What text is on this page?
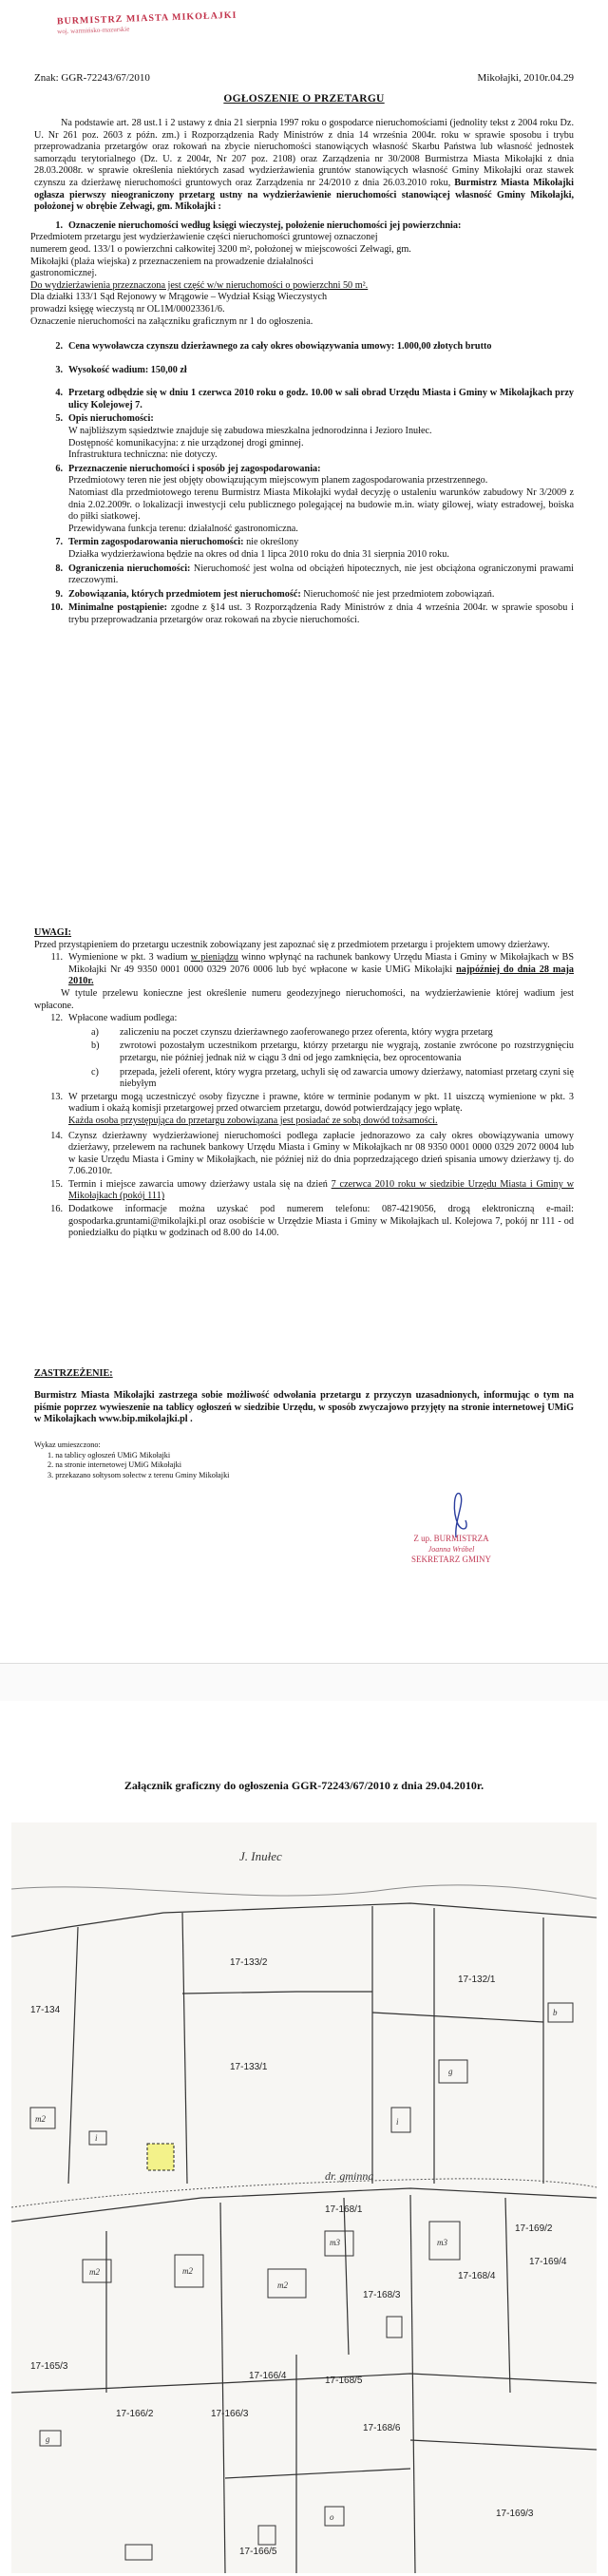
BURMISTRZ MIASTA MIKOŁAJKI
woj. warmińsko-mazurskie
Znak: GGR-72243/67/2010	Mikołajki, 2010r.04.29
OGŁOSZENIE O PRZETARGU

Na podstawie art. 28 ust.1 i 2 ustawy z dnia 21 sierpnia 1997 roku o gospodarce nieruchomościami (jednolity tekst z 2004 roku Dz. U. Nr 261 poz. 2603 z późn. zm.) i Rozporządzenia Rady Ministrów z dnia 14 września 2004r. roku w sprawie sposobu i trybu przeprowadzania przetargów oraz rokowań na zbycie nieruchomości stanowiących własność Skarbu Państwa lub własność jednostek samorządu terytorialnego (Dz. U. z 2004r, Nr 207 poz. 2108) oraz Zarządzenia nr 30/2008 Burmistrza Miasta Mikołajki z dnia 28.03.2008r. w sprawie określenia niektórych zasad wydzierżawienia gruntów stanowiących własność Gminy Mikołajki oraz stawek czynszu za dzierżawę nieruchomości gruntowych oraz Zarządzenia nr 24/2010 z dnia 26.03.2010 roku, Burmistrz Miasta Mikołajki ogłasza pierwszy nieograniczony przetarg ustny na wydzierżawienie nieruchomości stanowiącej własność Gminy Mikołajki, położonej w obrębie Zełwagi, gm. Mikołajki :

1. Oznaczenie nieruchomości według księgi wieczystej, położenie nieruchomości jej powierzchnia:

Przedmiotem przetargu jest wydzierżawienie części nieruchomości gruntowej oznaczonej

numerem geod. 133/1 o powierzchni całkowitej 3200 m², położonej w miejscowości Zełwagi, gm.

Mikołajki (plaża wiejska) z przeznaczeniem na prowadzenie działalności

gastronomicznej.

Do wydzierżawienia przeznaczona jest część w/w nieruchomości o powierzchni 50 m².

Dla działki 133/1 Sąd Rejonowy w Mrągowie – Wydział Ksiąg Wieczystych

prowadzi księgę wieczystą nr OL1M/00023361/6.

Oznaczenie nieruchomości na załączniku graficznym nr 1 do ogłoszenia.

2. Cena wywoławcza czynszu dzierżawnego za cały okres obowiązywania umowy: 1.000,00 złotych brutto
3. Wysokość wadium: 150,00 zł
4. Przetarg odbędzie się w dniu 1 czerwca 2010 roku o godz. 10.00 w sali obrad Urzędu Miasta i Gminy w Mikołajkach przy ulicy Kolejowej 7.
5. Opis nieruchomości:

W najbliższym sąsiedztwie znajduje się zabudowa mieszkalna jednorodzinna i Jezioro Inułec.

Dostępność komunikacyjna: z nie urządzonej drogi gminnej.

Infrastruktura techniczna: nie dotyczy.

6. Przeznaczenie nieruchomości i sposób jej zagospodarowania:

Przedmiotowy teren nie jest objęty obowiązującym miejscowym planem zagospodarowania przestrzennego.

Natomiast dla przedmiotowego terenu Burmistrz Miasta Mikołajki wydał decyzję o ustaleniu warunków zabudowy Nr 3/2009 z dnia 2.02.2009r. o lokalizacji inwestycji celu publicznego polegającej na budowie m.in. wiaty gilowej, wiaty estradowej, boiska do piłki siatkowej.

Przewidywana funkcja terenu: działalność gastronomiczna.

7. Termin zagospodarowania nieruchomości: nie określony

Działka wydzierżawiona będzie na okres od dnia 1 lipca 2010 roku do dnia 31 sierpnia 2010 roku.

8. Ograniczenia nieruchomości: Nieruchomość jest wolna od obciążeń hipotecznych, nie jest obciążona ograniczonymi prawami rzeczowymi.
9. Zobowiązania, których przedmiotem jest nieruchomość: Nieruchomość nie jest przedmiotem zobowiązań.
10. Minimalne postąpienie: zgodne z §14 ust. 3 Rozporządzenia Rady Ministrów z dnia 4 września 2004r. w sprawie sposobu i trybu przeprowadzania przetargów oraz rokowań na zbycie nieruchomości.

UWAGI:

Przed przystąpieniem do przetargu uczestnik zobowiązany jest zapoznać się z przedmiotem przetargu i projektem umowy dzierżawy.

11. Wymienione w pkt. 3 wadium w pieniądzu winno wpłynąć na rachunek bankowy Urzędu Miasta i Gminy w Mikołajkach w BS Mikołajki Nr 49 9350 0001 0000 0329 2076 0006 lub być wpłacone w kasie UMiG Mikołajki najpóźniej do dnia 28 maja 2010r.

W tytule przelewu konieczne jest określenie numeru geodezyjnego nieruchomości, na wydzierżawienie której wadium jest wpłacone.

12. Wpłacone wadium podlega:
a)	zaliczeniu na poczet czynszu dzierżawnego zaoferowanego przez oferenta, który wygra przetarg
b)	zwrotowi pozostałym uczestnikom przetargu, którzy przetargu nie wygrają, zostanie zwrócone po rozstrzygnięciu przetargu, nie później jednak niż w ciągu 3 dni od jego zamknięcia, bez oprocentowania
c)	przepada, jeżeli oferent, który wygra przetarg, uchyli się od zawarcia umowy dzierżawy, natomiast przetarg czyni się niebyłym
13. W przetargu mogą uczestniczyć osoby fizyczne i prawne, które w terminie podanym w pkt. 11 uiszczą wymienione w pkt. 3 wadium i okażą komisji przetargowej przed otwarciem przetargu, dowód potwierdzający jego wpłatę.
Każda osoba przystępująca do przetargu zobowiązana jest posiadać ze sobą dowód tożsamości.
14. Czynsz dzierżawny wydzierżawionej nieruchomości podlega zapłacie jednorazowo za cały okres obowiązywania umowy dzierżawy, przelewem na rachunek bankowy Urzędu Miasta i Gminy w Mikołajkach nr 08 9350 0001 0000 0329 2072 0004 lub w kasie Urzędu Miasta i Gminy w Mikołajkach, nie później niż do dnia poprzedzającego dzień spisania umowy dzierżawy tj. do 7.06.2010r.
15. Termin i miejsce zawarcia umowy dzierżawy ustala się na dzień 7 czerwca 2010 roku w siedzibie Urzędu Miasta i Gminy w Mikołajkach (pokój 111)
16. Dodatkowe informacje można uzyskać pod numerem telefonu: 087-4219056, drogą elektroniczną e-mail: gospodarka.gruntami@mikolajki.pl oraz osobiście w Urzędzie Miasta i Gminy w Mikołajkach ul. Kolejowa 7, pokój nr 111 - od poniedziałku do piątku w godzinach od 8.00 do 14.00.

ZASTRZEŻENIE:

Burmistrz Miasta Mikołajki zastrzega sobie możliwość odwołania przetargu z przyczyn uzasadnionych, informując o tym na piśmie poprzez wywieszenie na tablicy ogłoszeń w siedzibie Urzędu, w sposób zwyczajowo przyjęty na stronie internetowej UMiG w Mikołajkach www.bip.mikolajki.pl .

Wykaz umieszczono:
1. na tablicy ogłoszeń UMiG Mikołajki
2. na stronie internetowej UMiG Mikołajki
3. przekazano sołtysom sołectw z terenu Gminy Mikołajki
Z up. BURMISTRZA
Joanna Wróbel
SEKRETARZ GMINY
Załącznik graficzny do ogłoszenia GGR-72243/67/2010 z dnia 29.04.2010r.
J. Inułec
dr. gminna
17-134
17-133/2
17-132/1
17-133/1
17-168/1
17-168/3
17-168/4
17-169/2
17-169/4
17-165/3
17-166/2	17-166/3
17-166/4	17-168/5
17-168/6
17-166/5
17-169/3
m2
i
i
g
b
m2
m2
m3	m3
m2
g
o
